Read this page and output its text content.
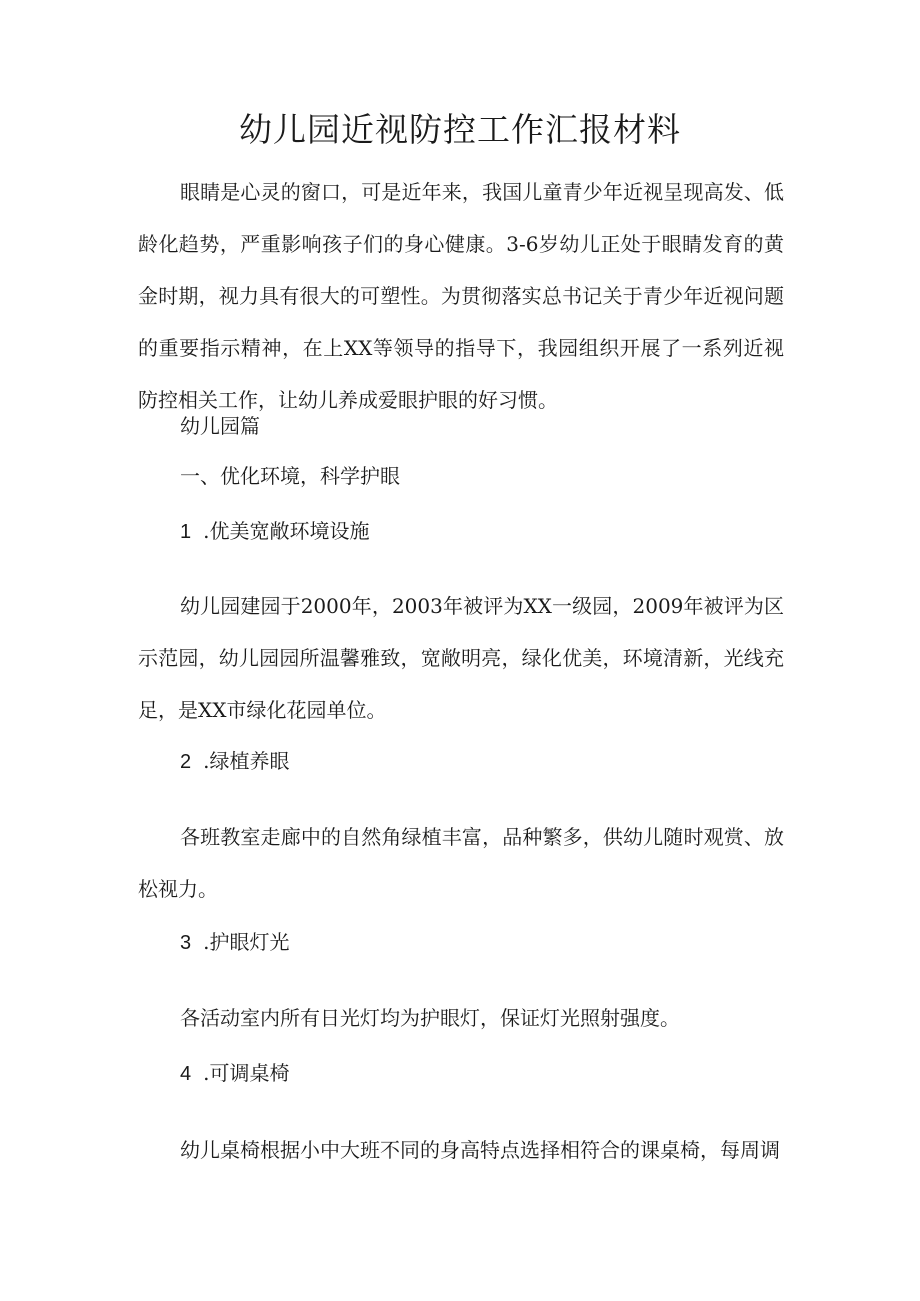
幼儿园近视防控工作汇报材料

眼睛是心灵的窗口，可是近年来，我国儿童青少年近视呈现高发、低龄化趋势，严重影响孩子们的身心健康。3-6岁幼儿正处于眼睛发育的黄金时期，视力具有很大的可塑性。为贯彻落实总书记关于青少年近视问题的重要指示精神，在上XX等领导的指导下，我园组织开展了一系列近视防控相关工作，让幼儿养成爱眼护眼的好习惯。

幼儿园篇

一、优化环境，科学护眼

1 .优美宽敞环境设施

幼儿园建园于2000年，2003年被评为XX一级园，2009年被评为区示范园，幼儿园园所温馨雅致，宽敞明亮，绿化优美，环境清新，光线充足，是XX市绿化花园单位。

2 .绿植养眼

各班教室走廊中的自然角绿植丰富，品种繁多，供幼儿随时观赏、放松视力。

3 .护眼灯光

各活动室内所有日光灯均为护眼灯，保证灯光照射强度。

4 .可调桌椅

幼儿桌椅根据小中大班不同的身高特点选择相符合的课桌椅，每周调
